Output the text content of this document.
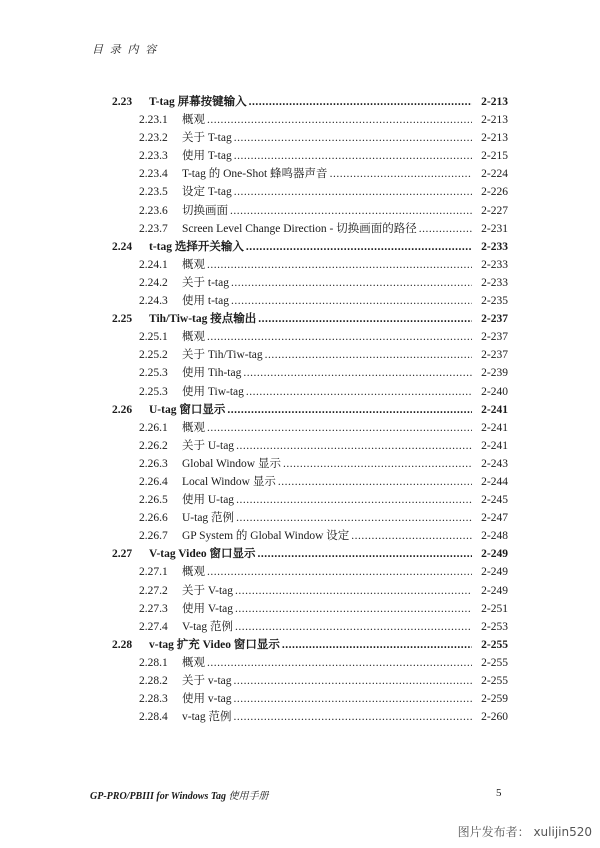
目 录 内 容
2.23	T-tag 屏幕按键输入 .....	2-213
2.23.1	概观 .....	2-213
2.23.2	关于 T-tag .....	2-213
2.23.3	使用 T-tag .....	2-215
2.23.4	T-tag 的 One-Shot 蜂鸣器声音 .....	2-224
2.23.5	设定 T-tag .....	2-226
2.23.6	切换画面 .....	2-227
2.23.7	Screen Level Change Direction - 切换画面的路径 .....	2-231
2.24	t-tag 选择开关输入 .....	2-233
2.24.1	概观 .....	2-233
2.24.2	关于 t-tag .....	2-233
2.24.3	使用 t-tag .....	2-235
2.25	Tih/Tiw-tag 接点输出 .....	2-237
2.25.1	概观 .....	2-237
2.25.2	关于 Tih/Tiw-tag .....	2-237
2.25.3	使用 Tih-tag .....	2-239
2.25.3	使用 Tiw-tag .....	2-240
2.26	U-tag 窗口显示 .....	2-241
2.26.1	概观 .....	2-241
2.26.2	关于 U-tag .....	2-241
2.26.3	Global Window 显示 .....	2-243
2.26.4	Local Window 显示 .....	2-244
2.26.5	使用 U-tag .....	2-245
2.26.6	U-tag 范例 .....	2-247
2.26.7	GP System 的 Global Window 设定 .....	2-248
2.27	V-tag Video 窗口显示 .....	2-249
2.27.1	概观 .....	2-249
2.27.2	关于 V-tag .....	2-249
2.27.3	使用 V-tag .....	2-251
2.27.4	V-tag 范例 .....	2-253
2.28	v-tag 扩充 Video 窗口显示 .....	2-255
2.28.1	概观 .....	2-255
2.28.2	关于 v-tag .....	2-255
2.28.3	使用 v-tag .....	2-259
2.28.4	v-tag 范例 .....	2-260
GP-PRO/PBIII for Windows Tag 使用手册	5
图片发布者： xulijin520
